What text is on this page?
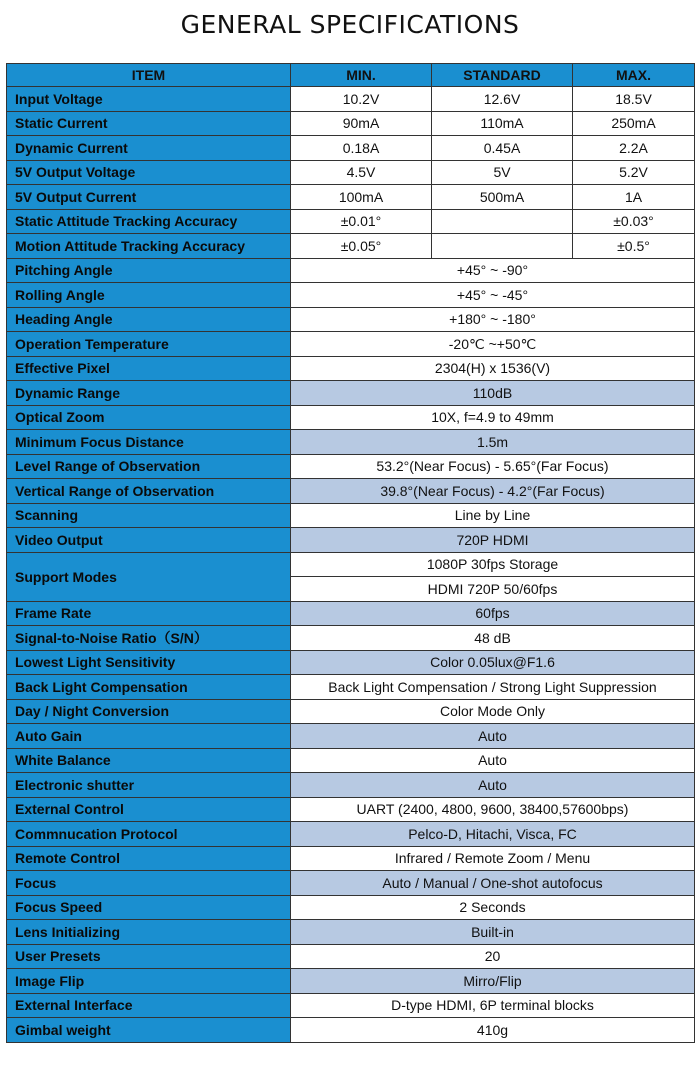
GENERAL SPECIFICATIONS
ITEM	MIN.	STANDARD	MAX.
Input Voltage	10.2V	12.6V	18.5V
Static Current	90mA	110mA	250mA
Dynamic Current	0.18A	0.45A	2.2A
5V Output Voltage	4.5V	5V	5.2V
5V Output Current	100mA	500mA	1A
Static Attitude Tracking Accuracy	±0.01°		±0.03°
Motion Attitude Tracking Accuracy	±0.05°		±0.5°
Pitching Angle	+45° ~ -90°		
Rolling Angle	+45° ~ -45°		
Heading Angle	+180° ~ -180°		
Operation Temperature	-20℃ ~+50℃		
Effective Pixel	2304(H) x 1536(V)		
Dynamic Range	110dB		
Optical Zoom	10X, f=4.9 to 49mm		
Minimum Focus Distance	1.5m		
Level Range of Observation	53.2°(Near Focus) - 5.65°(Far Focus)		
Vertical Range of Observation	39.8°(Near Focus) - 4.2°(Far Focus)		
Scanning	Line by Line		
Video Output	720P HDMI		
Support Modes	1080P 30fps Storage		
	HDMI 720P 50/60fps		
Frame Rate	60fps		
Signal-to-Noise Ratio（S/N）	48 dB		
Lowest Light Sensitivity	Color 0.05lux@F1.6		
Back Light Compensation	Back Light Compensation / Strong Light Suppression		
Day / Night Conversion	Color Mode Only		
Auto Gain	Auto		
White Balance	Auto		
Electronic shutter	Auto		
External Control	UART (2400, 4800, 9600, 38400,57600bps)		
Commnucation Protocol	Pelco-D, Hitachi, Visca, FC		
Remote Control	Infrared / Remote Zoom / Menu		
Focus	Auto / Manual / One-shot autofocus		
Focus Speed	2 Seconds		
Lens Initializing	Built-in		
User Presets	20		
Image Flip	Mirro/Flip		
External Interface	D-type HDMI, 6P terminal blocks		
Gimbal weight	410g		
